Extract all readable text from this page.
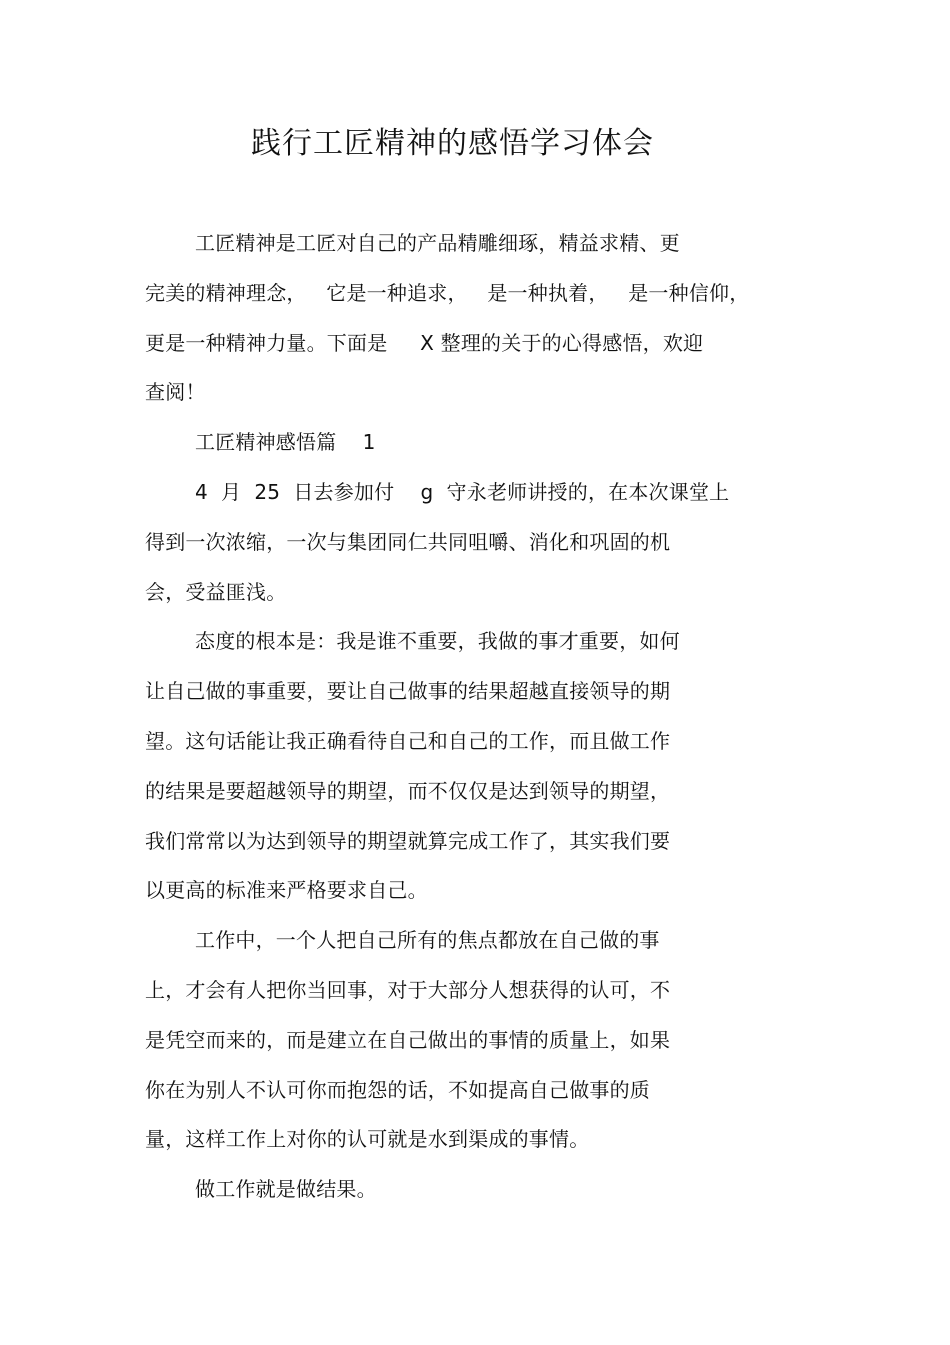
践行工匠精神的感悟学习体会
工匠精神是工匠对自己的产品精雕细琢，精益求精、更
完美的精神理念，   它是一种追求，   是一种执着，   是一种信仰，
更是一种精神力量。下面是     X 整理的关于的心得感悟，欢迎
查阅！
工匠精神感悟篇    1
4  月  25  日去参加付    g  守永老师讲授的，在本次课堂上
得到一次浓缩，一次与集团同仁共同咀嚼、消化和巩固的机
会，受益匪浅。
态度的根本是：我是谁不重要，我做的事才重要，如何
让自己做的事重要，要让自己做事的结果超越直接领导的期
望。这句话能让我正确看待自己和自己的工作，而且做工作
的结果是要超越领导的期望，而不仅仅是达到领导的期望，
我们常常以为达到领导的期望就算完成工作了，其实我们要
以更高的标准来严格要求自己。
工作中，一个人把自己所有的焦点都放在自己做的事
上，才会有人把你当回事，对于大部分人想获得的认可，不
是凭空而来的，而是建立在自己做出的事情的质量上，如果
你在为别人不认可你而抱怨的话，不如提高自己做事的质
量，这样工作上对你的认可就是水到渠成的事情。
做工作就是做结果。
